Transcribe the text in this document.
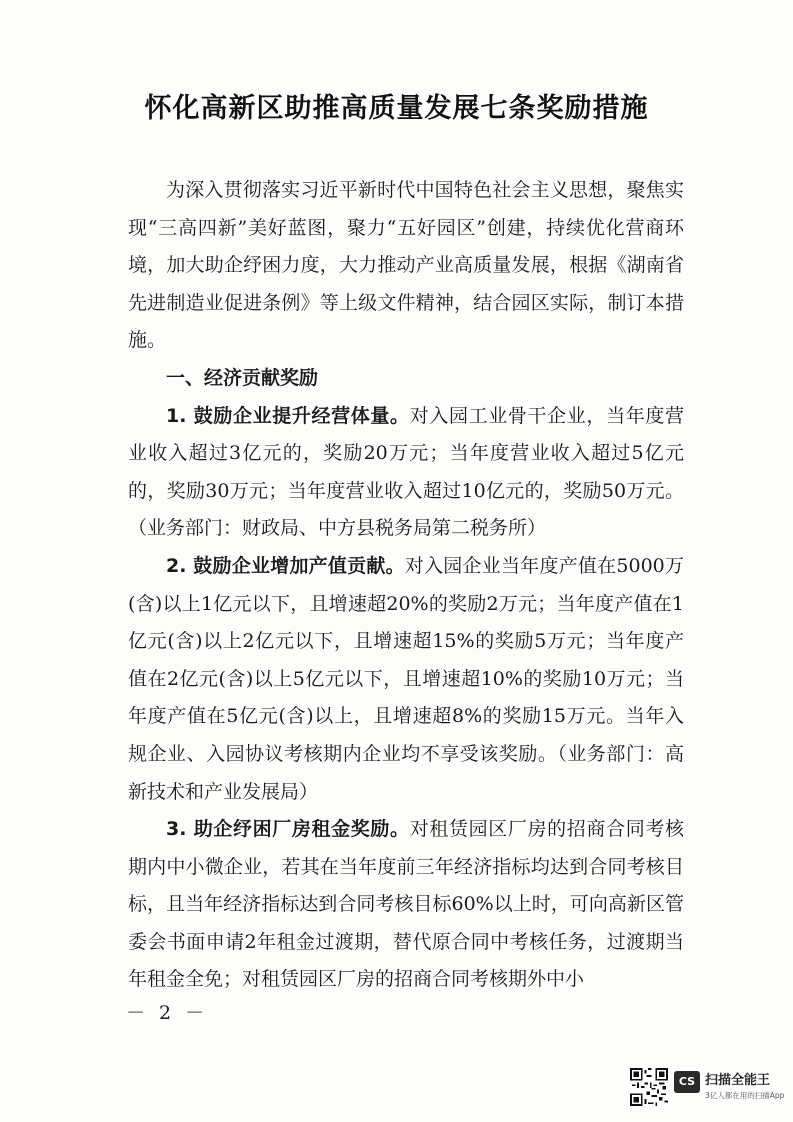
怀化高新区助推高质量发展七条奖励措施

为深入贯彻落实习近平新时代中国特色社会主义思想，聚焦实现“三高四新”美好蓝图，聚力“五好园区”创建，持续优化营商环境，加大助企纾困力度，大力推动产业高质量发展，根据《湖南省先进制造业促进条例》等上级文件精神，结合园区实际，制订本措施。

一、经济贡献奖励

1. 鼓励企业提升经营体量。对入园工业骨干企业，当年度营业收入超过3亿元的，奖励20万元；当年度营业收入超过5亿元的，奖励30万元；当年度营业收入超过10亿元的，奖励50万元。（业务部门：财政局、中方县税务局第二税务所）

2. 鼓励企业增加产值贡献。对入园企业当年度产值在5000万(含)以上1亿元以下，且增速超20%的奖励2万元；当年度产值在1亿元(含)以上2亿元以下，且增速超15%的奖励5万元；当年度产值在2亿元(含)以上5亿元以下，且增速超10%的奖励10万元；当年度产值在5亿元(含)以上，且增速超8%的奖励15万元。当年入规企业、入园协议考核期内企业均不享受该奖励。（业务部门：高新技术和产业发展局）

3. 助企纾困厂房租金奖励。对租赁园区厂房的招商合同考核期内中小微企业，若其在当年度前三年经济指标均达到合同考核目标，且当年经济指标达到合同考核目标60%以上时，可向高新区管委会书面申请2年租金过渡期，替代原合同中考核任务，过渡期当年租金全免；对租赁园区厂房的招商合同考核期外中小

－ 2 －
CS 扫描全能王
3亿人都在用的扫描App
